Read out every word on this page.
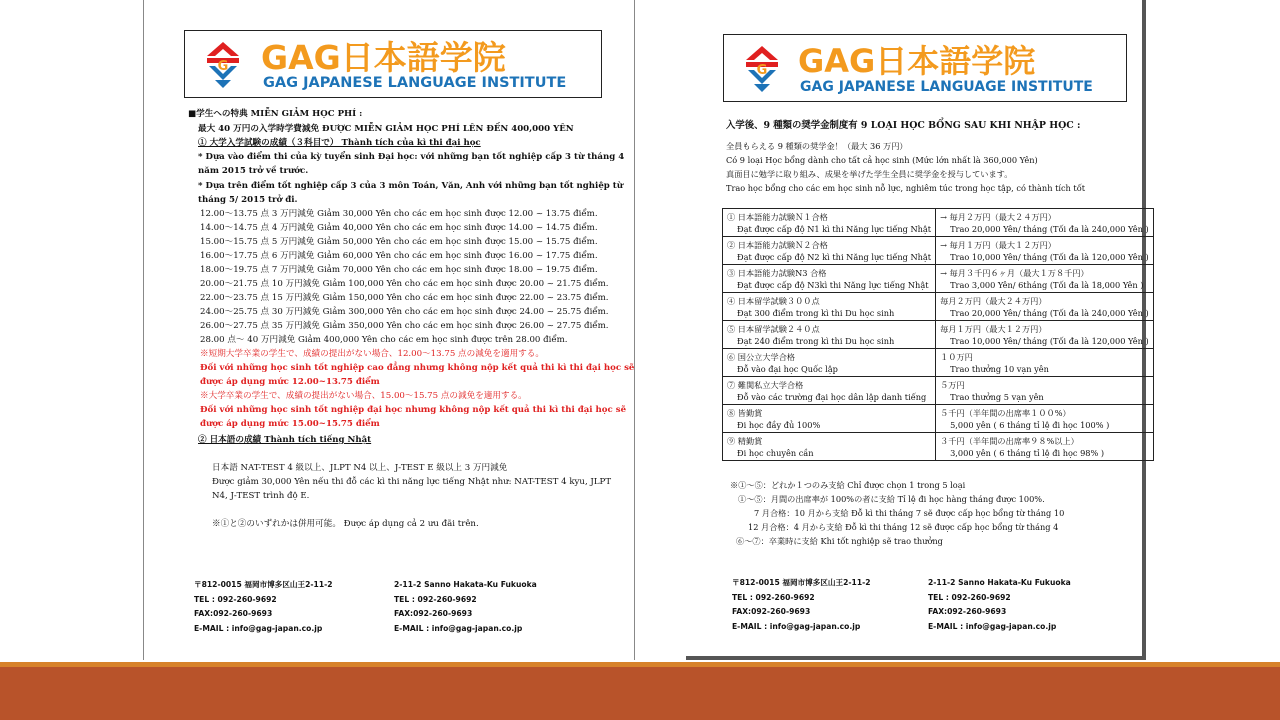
G GAG日本語学院
GAG JAPANESE LANGUAGE INSTITUTE
■学生への特典 MIỄN GIẢM HỌC PHÍ :
最大 40 万円の入学時学費減免 ĐƯỢC MIỄN GIẢM HỌC PHÍ LÊN ĐẾN 400,000 YÊN
① 大学入学試験の成績（３科目で） Thành tích của kì thi đại học
* Dựa vào điểm thi của kỳ tuyển sinh Đại học: với những bạn tốt nghiệp cấp 3 từ tháng 4
năm 2015 trở về trước.
* Dựa trên điểm tốt nghiệp cấp 3 của 3 môn Toán, Văn, Anh với những bạn tốt nghiệp từ
tháng 5/ 2015 trở đi.
12.00～13.75 点 3 万円減免 Giảm 30,000 Yên cho các em học sinh được 12.00 ~ 13.75 điểm.
14.00～14.75 点 4 万円減免 Giảm 40,000 Yên cho các em học sinh được 14.00 ~ 14.75 điểm.
15.00～15.75 点 5 万円減免 Giảm 50,000 Yên cho các em học sinh được 15.00 ~ 15.75 điểm.
16.00～17.75 点 6 万円減免 Giảm 60,000 Yên cho các em học sinh được 16.00 ~ 17.75 điểm.
18.00～19.75 点 7 万円減免 Giảm 70,000 Yên cho các em học sinh được 18.00 ~ 19.75 điểm.
20.00～21.75 点 10 万円減免 Giảm 100,000 Yên cho các em học sinh được 20.00 ~ 21.75 điểm.
22.00～23.75 点 15 万円減免 Giảm 150,000 Yên cho các em học sinh được 22.00 ~ 23.75 điểm.
24.00～25.75 点 30 万円減免 Giảm 300,000 Yên cho các em học sinh được 24.00 ~ 25.75 điểm.
26.00～27.75 点 35 万円減免 Giảm 350,000 Yên cho các em học sinh được 26.00 ~ 27.75 điểm.
28.00 点～ 40 万円減免 Giảm 400,000 Yên cho các em học sinh được trên 28.00 điểm.
※短期大学卒業の学生で、成績の提出がない場合、12.00～13.75 点の減免を適用する。
Đối với những học sinh tốt nghiệp cao đẳng nhưng không nộp kết quả thi kì thi đại học sẽ
được áp dụng mức 12.00~13.75 điểm
※大学卒業の学生で、成績の提出がない場合、15.00～15.75 点の減免を適用する。
Đối với những học sinh tốt nghiệp đại học nhưng không nộp kết quả thi kì thi đại học sẽ
được áp dụng mức 15.00~15.75 điểm
② 日本語の成績 Thành tích tiếng Nhật
日本語 NAT-TEST 4 級以上、JLPT N4 以上、J-TEST E 級以上 3 万円減免
Được giảm 30,000 Yên nếu thi đỗ các kì thi năng lực tiếng Nhật như: NAT-TEST 4 kyu, JLPT
N4, J-TEST trình độ E.
※①と②のいずれかは併用可能。 Được áp dụng cả 2 ưu đãi trên.
〒812-0015 福岡市博多区山王2-11-2
TEL : 092-260-9692
FAX:092-260-9693
E-MAIL : info@gag-japan.co.jp
2-11-2 Sanno Hakata-Ku Fukuoka
TEL : 092-260-9692
FAX:092-260-9693
E-MAIL : info@gag-japan.co.jp
G GAG日本語学院
GAG JAPANESE LANGUAGE INSTITUTE
入学後、9 種類の奨学金制度有 9 LOẠI HỌC BỔNG SAU KHI NHẬP HỌC :
全員もらえる 9 種類の奨学金！（最大 36 万円）
Có 9 loại Học bổng dành cho tất cả học sinh (Mức lớn nhất là 360,000 Yên)
真面目に勉学に取り組み、成果を挙げた学生全員に奨学金を授与しています。
Trao học bổng cho các em học sinh nỗ lực, nghiêm túc trong học tập, có thành tích tốt
① 日本語能力試験Ｎ１合格
Đạt được cấp độ N1 kì thi Năng lực tiếng Nhật	→ 毎月２万円（最大２４万円）
Trao 20,000 Yên/ tháng (Tối đa là 240,000 Yên )

② 日本語能力試験Ｎ２合格
Đạt được cấp độ N2 kì thi Năng lực tiếng Nhật	→ 毎月１万円（最大１２万円）
Trao 10,000 Yên/ tháng (Tối đa là 120,000 Yên )

③ 日本語能力試験N3 合格
Đạt được cấp độ N3kì thi Năng lực tiếng Nhật	→ 毎月３千円６ヶ月（最大１万８千円）
Trao 3,000 Yên/ 6tháng (Tối đa là 18,000 Yên )

④ 日本留学試験３００点
Đạt 300 điểm trong kì thi Du học sinh	毎月２万円（最大２４万円）
Trao 20,000 Yên/ tháng (Tối đa là 240,000 Yên )

⑤ 日本留学試験２４０点
Đạt 240 điểm trong kì thi Du học sinh	毎月１万円（最大１２万円）
Trao 10,000 Yên/ tháng (Tối đa là 120,000 Yên )

⑥ 国公立大学合格
Đỗ vào đại học Quốc lập	１０万円
Trao thưởng 10 vạn yên

⑦ 難関私立大学合格
Đỗ vào các trường đại học dân lập danh tiếng	５万円
Trao thưởng 5 vạn yên

⑧ 皆勤賞
Đi học đầy đủ 100%	５千円（半年間の出席率１００%）
5,000 yên ( 6 tháng tỉ lệ đi học 100% )

⑨ 精勤賞
Đi học chuyên cần	３千円（半年間の出席率９８%以上）
3,000 yên ( 6 tháng tỉ lệ đi học 98% )
※①～⑤：どれか１つのみ支給 Chỉ được chọn 1 trong 5 loại
①～⑤：月間の出席率が 100%の者に支給 Tỉ lệ đi học hàng tháng được 100%.
7 月合格：10 月から支給 Đỗ kì thi tháng 7 sẽ được cấp học bổng từ tháng 10
12 月合格：4 月から支給 Đỗ kì thi tháng 12 sẽ được cấp học bổng từ tháng 4
⑥～⑦：卒業時に支給 Khi tốt nghiệp sẽ trao thưởng
〒812-0015 福岡市博多区山王2-11-2
TEL : 092-260-9692
FAX:092-260-9693
E-MAIL : info@gag-japan.co.jp
2-11-2 Sanno Hakata-Ku Fukuoka
TEL : 092-260-9692
FAX:092-260-9693
E-MAIL : info@gag-japan.co.jp
